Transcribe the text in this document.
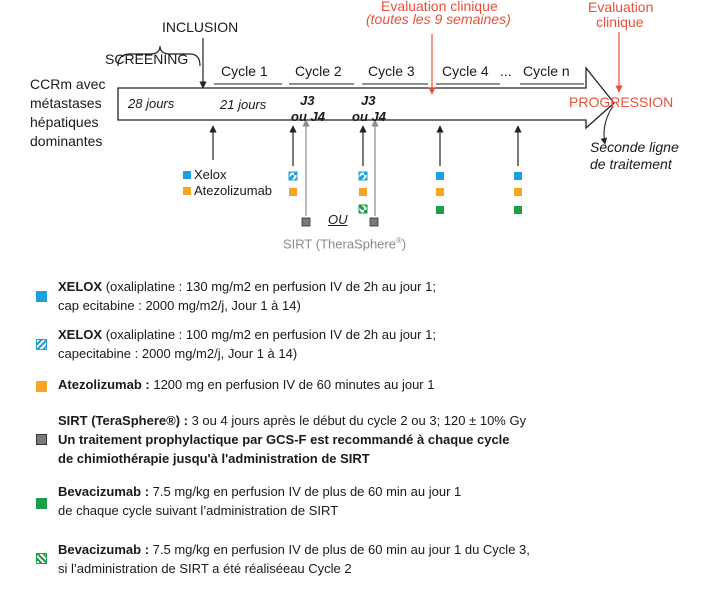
INCLUSION
SCREENING
Evaluation clinique
(toutes les 9 semaines)
Evaluation
clinique
CCRm avec
métastases
hépatiques
dominantes
Cycle 1 Cycle 2 Cycle 3 Cycle 4 ... Cycle n
28 jours	21 jours	J3
ou J4
J3
ou J4
PROGRESSION
Seconde ligne
de traitement
Xelox
Atezolizumab
OU
SIRT (TheraSphere®)
XELOX (oxaliplatine : 130 mg/m2 en perfusion IV de 2h au jour 1;
cap ecitabine : 2000 mg/m2/j, Jour 1 à 14)
XELOX (oxaliplatine : 100 mg/m2 en perfusion IV de 2h au jour 1;
capecitabine : 2000 mg/m2/j, Jour 1 à 14)
Atezolizumab : 1200 mg en perfusion IV de 60 minutes au jour 1
SIRT (TeraSphere®) : 3 ou 4 jours après le début du cycle 2 ou 3; 120 ± 10% Gy
Un traitement prophylactique par GCS-F est recommandé à chaque cycle
de chimiothérapie jusqu'à l'administration de SIRT
Bevacizumab : 7.5 mg/kg en perfusion IV de plus de 60 min au jour 1
de chaque cycle suivant l’administration de SIRT
Bevacizumab : 7.5 mg/kg en perfusion IV de plus de 60 min au jour 1 du Cycle 3,
si l’administration de SIRT a été réaliséeau Cycle 2
